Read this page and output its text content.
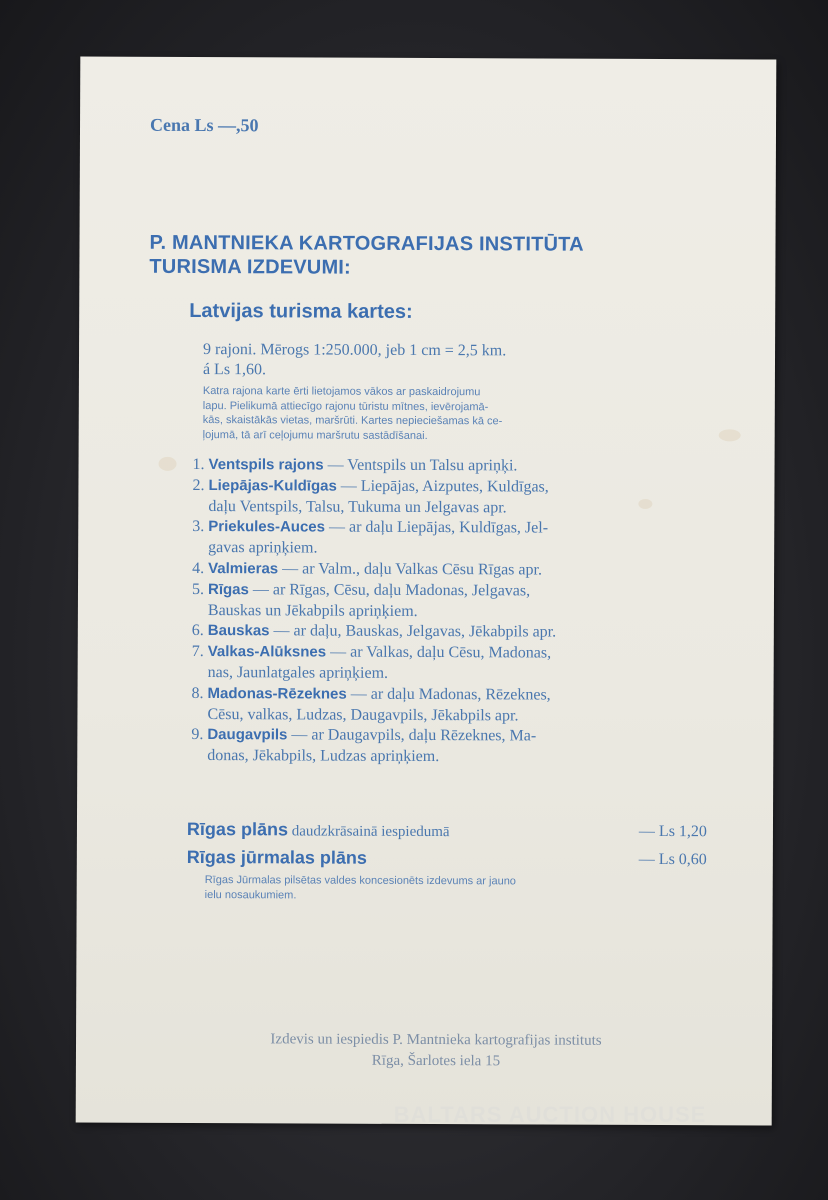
Cena Ls —,50
P. MANTNIEKA KARTOGRAFIJAS INSTITŪTA
TURISMA IZDEVUMI:
Latvijas turisma kartes:
9 rajoni. Mērogs 1:250.000, jeb 1 cm = 2,5 km.
á Ls 1,60.
Katra rajona karte ērti lietojamos vākos ar paskaidrojumu
lapu. Pielikumā attiecīgo rajonu tūristu mītnes, ievērojamā-
kās, skaistākās vietas, maršrūti. Kartes nepieciešamas kā ce-
ļojumā, tā arī ceļojumu maršrutu sastādīšanai.
1. Ventspils rajons — Ventspils un Talsu apriņķi.
2. Liepājas-Kuldīgas — Liepājas, Aizputes, Kuldīgas,
daļu Ventspils, Talsu, Tukuma un Jelgavas apr.
3. Priekules-Auces — ar daļu Liepājas, Kuldīgas, Jel-
gavas apriņķiem.
4. Valmieras — ar Valm., daļu Valkas Cēsu Rīgas apr.
5. Rīgas — ar Rīgas, Cēsu, daļu Madonas, Jelgavas,
Bauskas un Jēkabpils apriņķiem.
6. Bauskas — ar daļu, Bauskas, Jelgavas, Jēkabpils apr.
7. Valkas-Alūksnes — ar Valkas, daļu Cēsu, Madonas,
nas, Jaunlatgales apriņķiem.
8. Madonas-Rēzeknes — ar daļu Madonas, Rēzeknes,
Cēsu, valkas, Ludzas, Daugavpils, Jēkabpils apr.
9. Daugavpils — ar Daugavpils, daļu Rēzeknes, Ma-
donas, Jēkabpils, Ludzas apriņķiem.
Rīgas plāns daudzkrāsainā iespiedumā	— Ls 1,20
Rīgas jūrmalas plāns	— Ls 0,60
Rīgas Jūrmalas pilsētas valdes koncesionēts izdevums ar jauno
ielu nosaukumiem.
Izdevis un iespiedis P. Mantnieka kartografijas instituts
Rīga, Šarlotes iela 15
BALTARS AUCTION HOUSE
